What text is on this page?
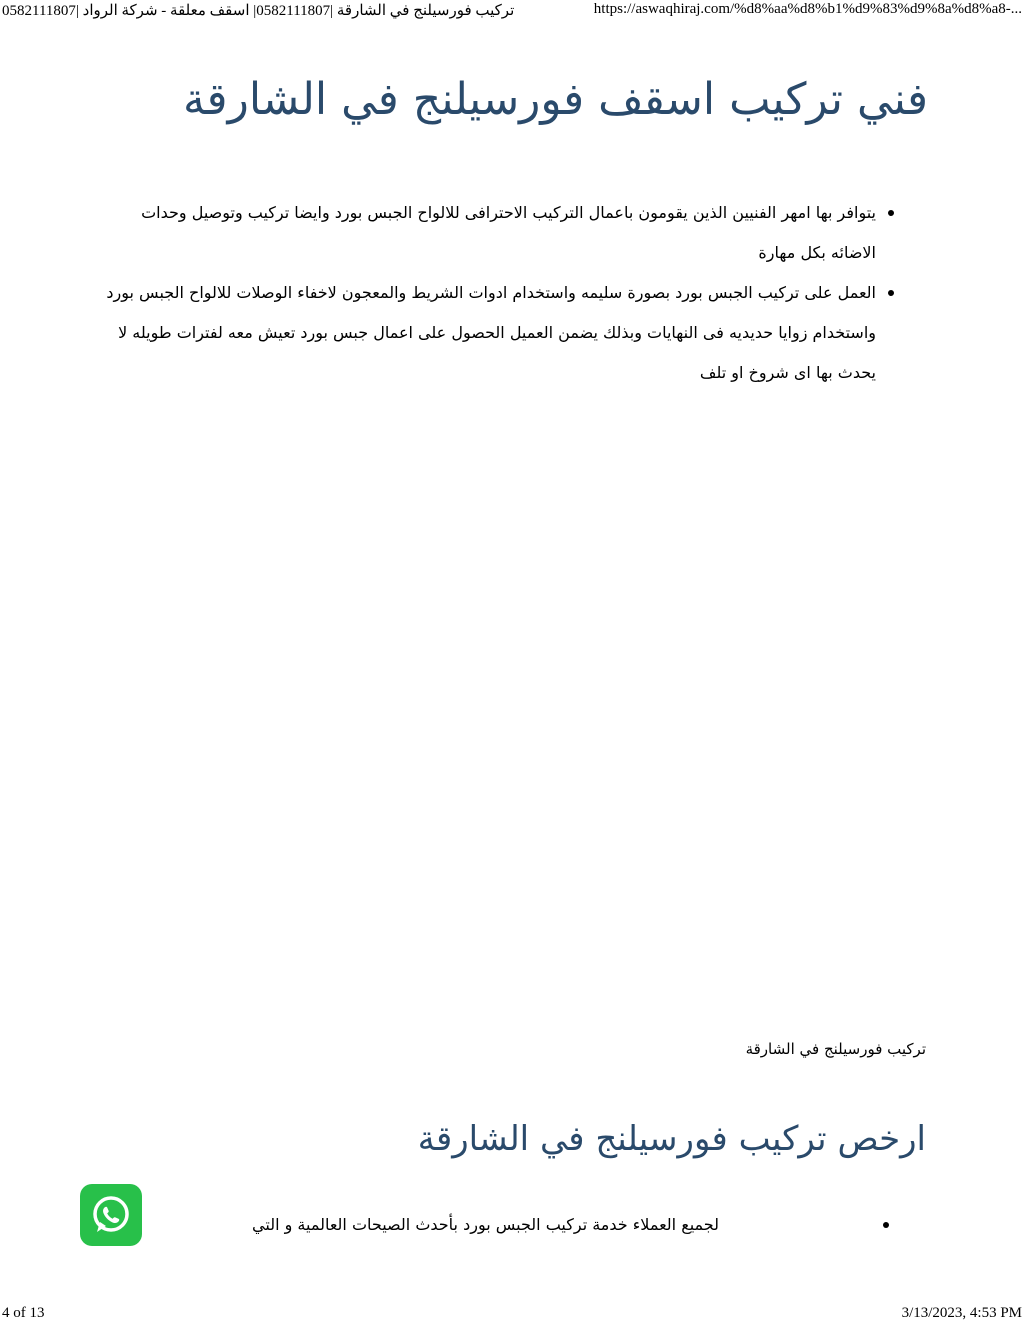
تركيب فورسيلنج في الشارقة |0582111807| اسقف معلقة - شركة الرواد |0582111807	https://aswaqhiraj.com/%d8%aa%d8%b1%d9%83%d9%8a%d8%a8-...
فني تركيب اسقف فورسيلنج في الشارقة
يتوافر بها امهر الفنيين الذين يقومون باعمال التركيب الاحترافى للالواح الجبس بورد وايضا تركيب وتوصيل وحدات الاضائه بكل مهارة
العمل على تركيب الجبس بورد بصورة سليمه واستخدام ادوات الشريط والمعجون لاخفاء الوصلات للالواح الجبس بورد واستخدام زوايا حديديه فى النهايات وبذلك يضمن العميل الحصول على اعمال جبس بورد تعيش معه لفترات طويله لا يحدث بها اى شروخ او تلف
تركيب فورسيلنج في الشارقة
ارخص تركيب فورسيلنج في الشارقة
لجميع العملاء خدمة تركيب الجبس بورد بأحدث الصيحات العالمية و التي
4 of 13	3/13/2023, 4:53 PM
